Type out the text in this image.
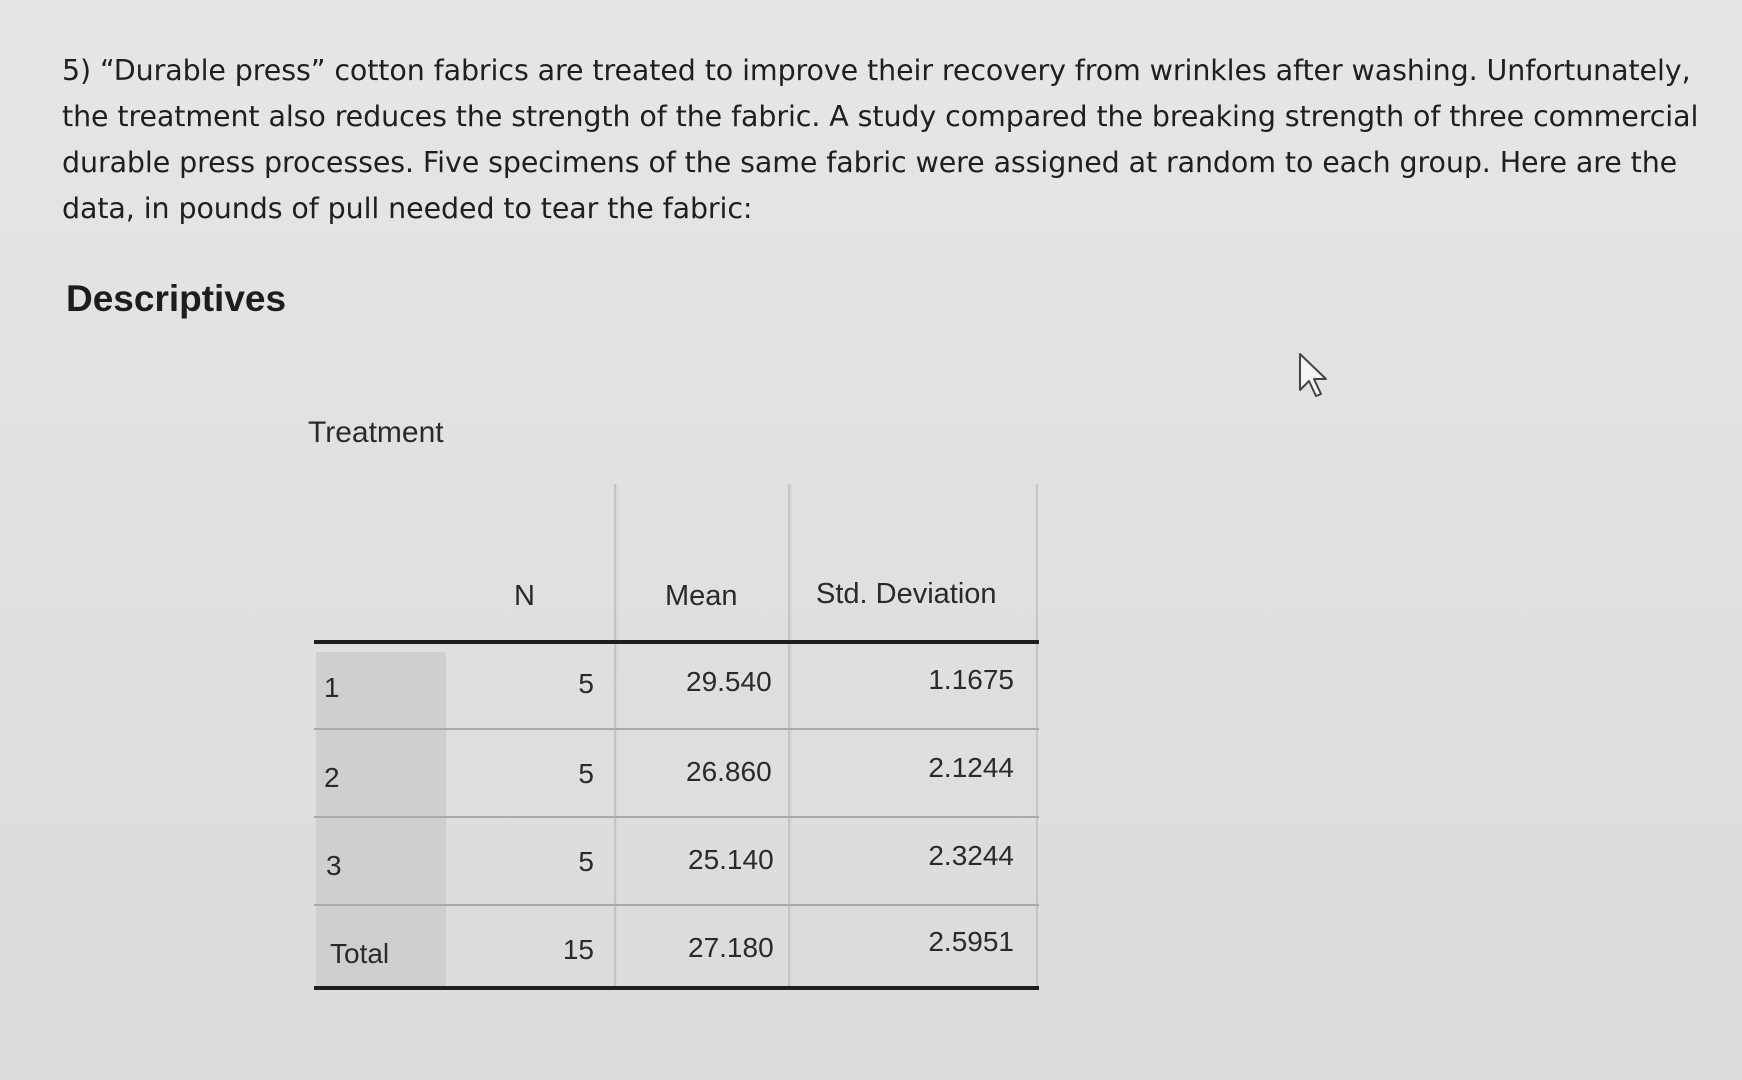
5) “Durable press” cotton fabrics are treated to improve their recovery from wrinkles after washing. Unfortunately, the treatment also reduces the strength of the fabric. A study compared the breaking strength of three commercial durable press processes. Five specimens of the same fabric were assigned at random to each group. Here are the data, in pounds of pull needed to tear the fabric:
Descriptives
Treatment
N	Mean	Std. Deviation
1	5	29.540	1.1675
2	5	26.860	2.1244
3	5	25.140	2.3244
Total	15	27.180	2.5951
